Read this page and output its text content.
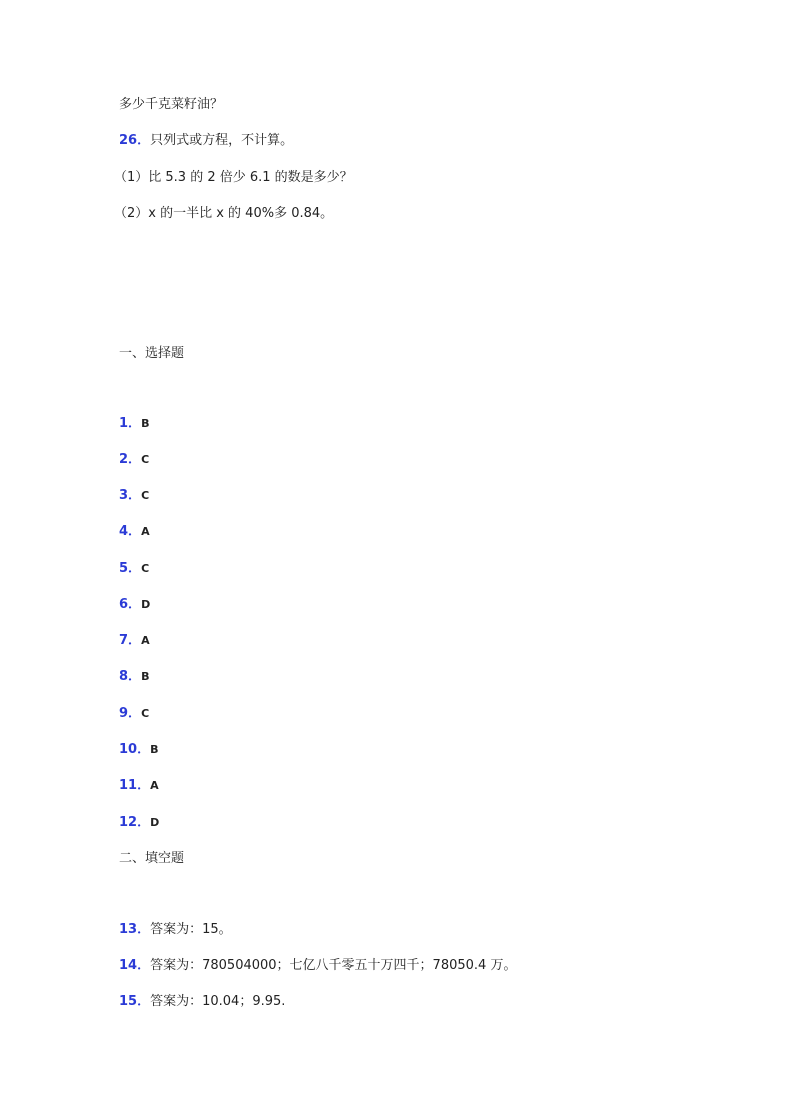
多少千克菜籽油？
26．只列式或方程，不计算。
（1）比 5.3 的 2 倍少 6.1 的数是多少？
（2）x 的一半比 x 的 40%多 0.84。
一、选择题
1．B
2．C
3．C
4．A
5．C
6．D
7．A
8．B
9．C
10．B
11．A
12．D
二、填空题
13．答案为：15。
14．答案为：780504000；七亿八千零五十万四千；78050.4 万。
15．答案为：10.04；9.95.
